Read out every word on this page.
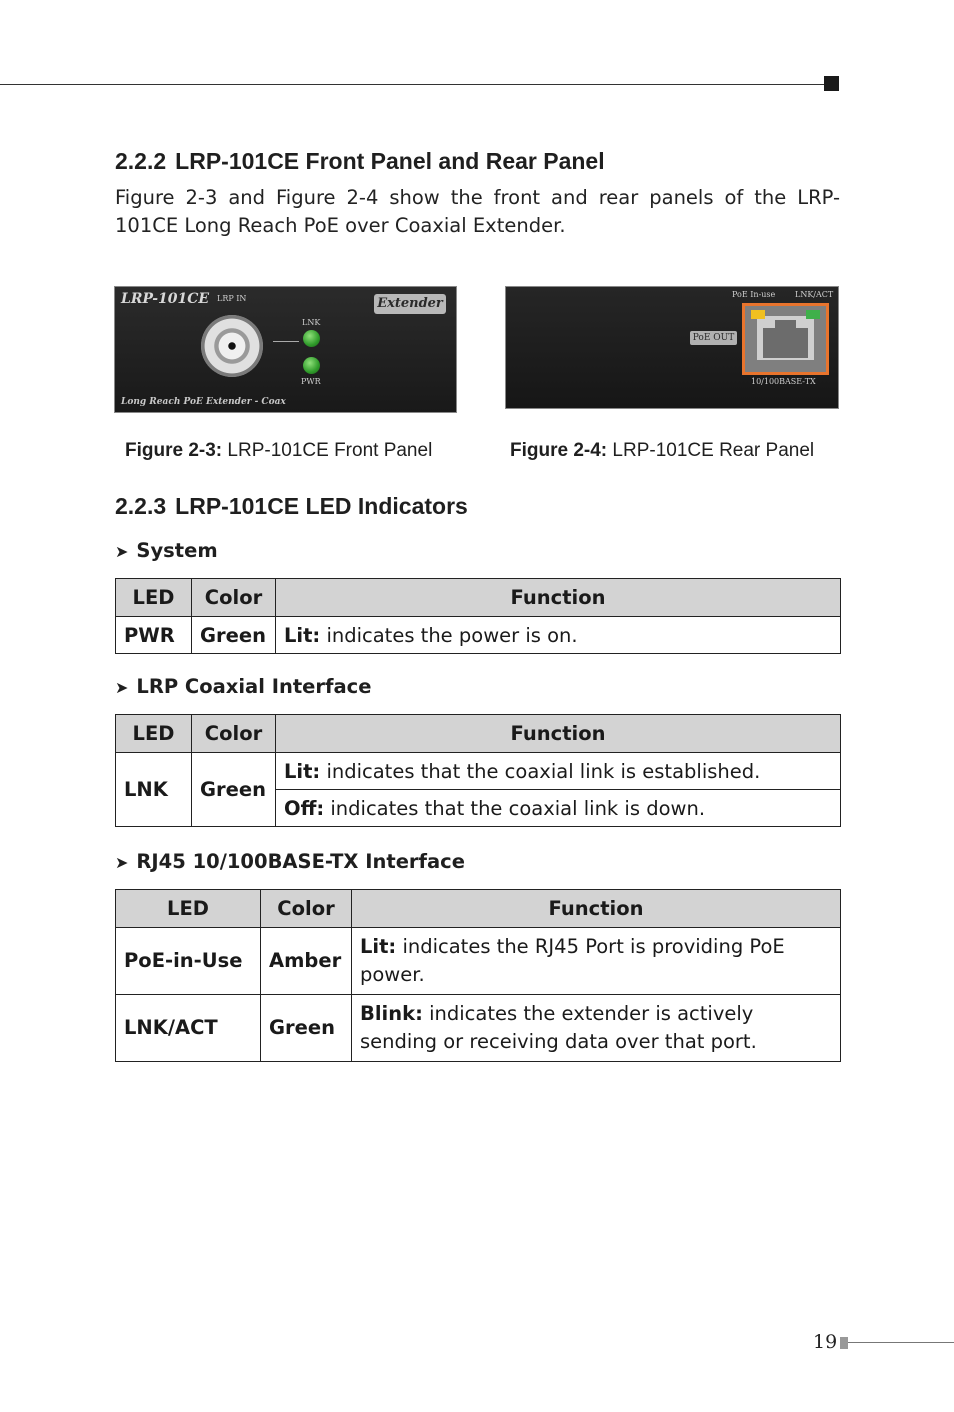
2.2.2 LRP-101CE Front Panel and Rear Panel

Figure 2-3 and Figure 2-4 show the front and rear panels of the LRP-101CE Long Reach PoE over Coaxial Extender.

LRP-101CE LRP IN	Extender
LNK
PWR
Long Reach PoE Extender - Coax
PoE In-use LNK/ACT
PoE OUT
10/100BASE-TX
Figure 2-3: LRP-101CE Front Panel	Figure 2-4: LRP-101CE Rear Panel
2.2.3 LRP-101CE LED Indicators
➤ System
LED	Color	Function
PWR	Green	Lit: indicates the power is on.
➤ LRP Coaxial Interface
LED	Color	Function
LNK	Green	Lit: indicates that the coaxial link is established.
		Off: indicates that the coaxial link is down.
➤ RJ45 10/100BASE-TX Interface
LED	Color	Function
PoE-in-Use	Amber	Lit: indicates the RJ45 Port is providing PoE power.
LNK/ACT	Green	Blink: indicates the extender is actively sending or receiving data over that port.
19
